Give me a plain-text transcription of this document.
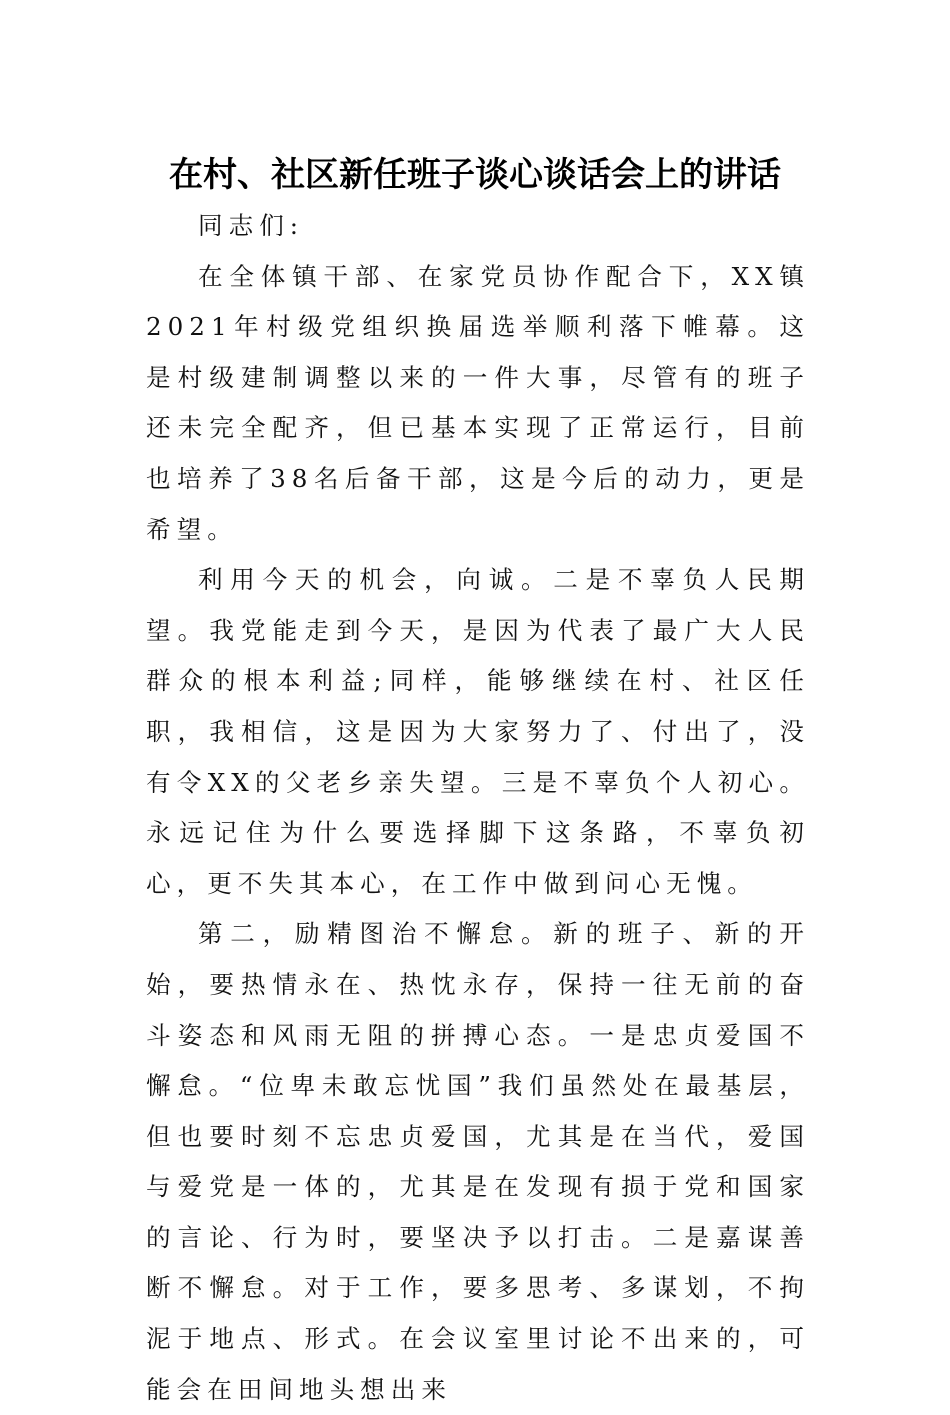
在村、社区新任班子谈心谈话会上的讲话

同志们:

在全体镇干部、在家党员协作配合下，XX镇2021年村级党组织换届选举顺利落下帷幕。这是村级建制调整以来的一件大事，尽管有的班子还未完全配齐，但已基本实现了正常运行，目前也培养了38名后备干部，这是今后的动力，更是希望。

利用今天的机会，向诚。二是不辜负人民期望。我党能走到今天，是因为代表了最广大人民群众的根本利益;同样，能够继续在村、社区任职，我相信，这是因为大家努力了、付出了，没有令XX的父老乡亲失望。三是不辜负个人初心。永远记住为什么要选择脚下这条路，不辜负初心，更不失其本心，在工作中做到问心无愧。

第二，励精图治不懈怠。新的班子、新的开始，要热情永在、热忱永存，保持一往无前的奋斗姿态和风雨无阻的拼搏心态。一是忠贞爱国不懈怠。“位卑未敢忘忧国”我们虽然处在最基层，但也要时刻不忘忠贞爱国，尤其是在当代，爱国与爱党是一体的，尤其是在发现有损于党和国家的言论、行为时，要坚决予以打击。二是嘉谋善断不懈怠。对于工作，要多思考、多谋划，不拘泥于地点、形式。在会议室里讨论不出来的，可能会在田间地头想出来
